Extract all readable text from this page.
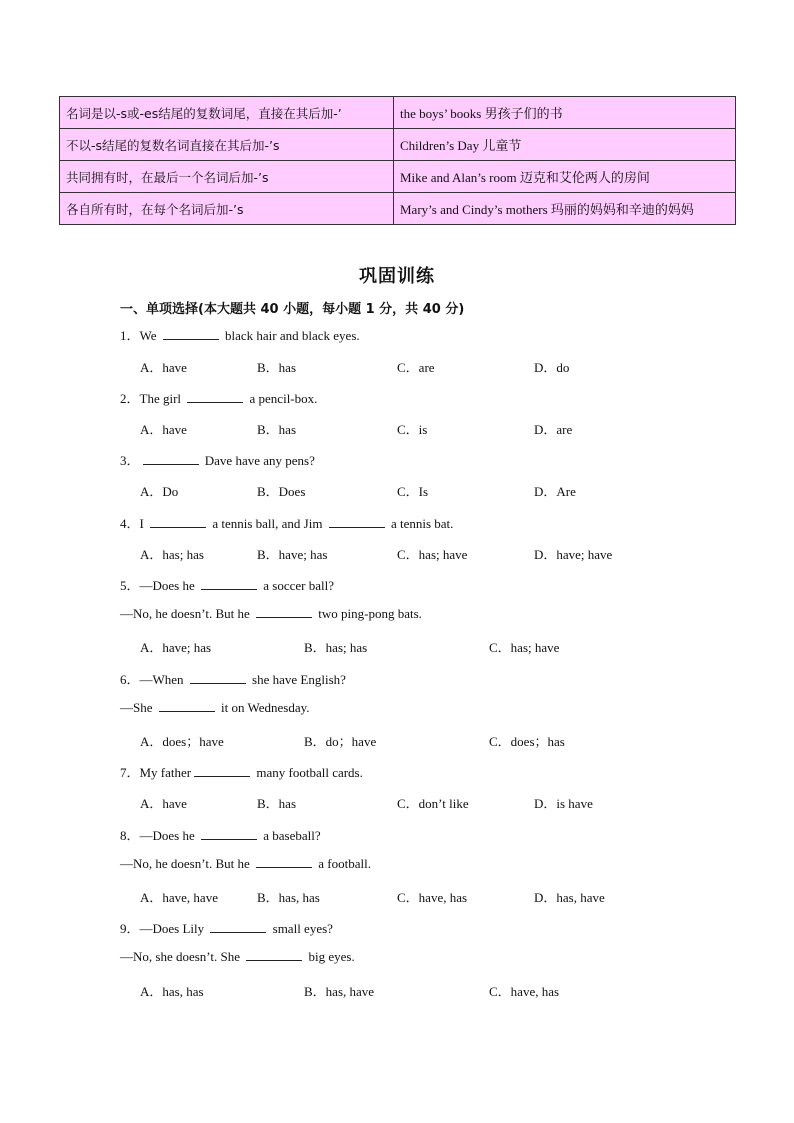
名词是以-s或-es结尾的复数词尾，直接在其后加-’	the boys’ books 男孩子们的书
不以-s结尾的复数名词直接在其后加-’s	Children’s Day 儿童节
共同拥有时，在最后一个名词后加-’s	Mike and Alan’s room 迈克和艾伦两人的房间
各自所有时，在每个名词后加-’s	Mary’s and Cindy’s mothers 玛丽的妈妈和辛迪的妈妈
巩固训练
一、单项选择(本大题共 40 小题，每小题 1 分，共 40 分)
1．We	black hair and black eyes.
A．have	B．has	C．are	D．do
2．The girl	a pencil-box.
A．have	B．has	C．is	D．are
3．	Dave have any pens?
A．Do	B．Does	C．Is	D．Are
4．I	a tennis ball, and Jim	a tennis bat.
A．has; has	B．have; has	C．has; have	D．have; have
5．—Does he	a soccer ball?
—No, he doesn’t. But he	two ping-pong bats.
A．have; has	B．has; has	C．has; have
6．—When	she have English?
—She	it on Wednesday.
A．does；have	B．do；have	C．does；has
7．My father	many football cards.
A．have	B．has	C．don’t like	D．is have
8．—Does he	a baseball?
—No, he doesn’t. But he	a football.
A．have, have	B．has, has	C．have, has	D．has, have
9．—Does Lily	small eyes?
—No, she doesn’t. She	big eyes.
A．has, has	B．has, have	C．have, has
